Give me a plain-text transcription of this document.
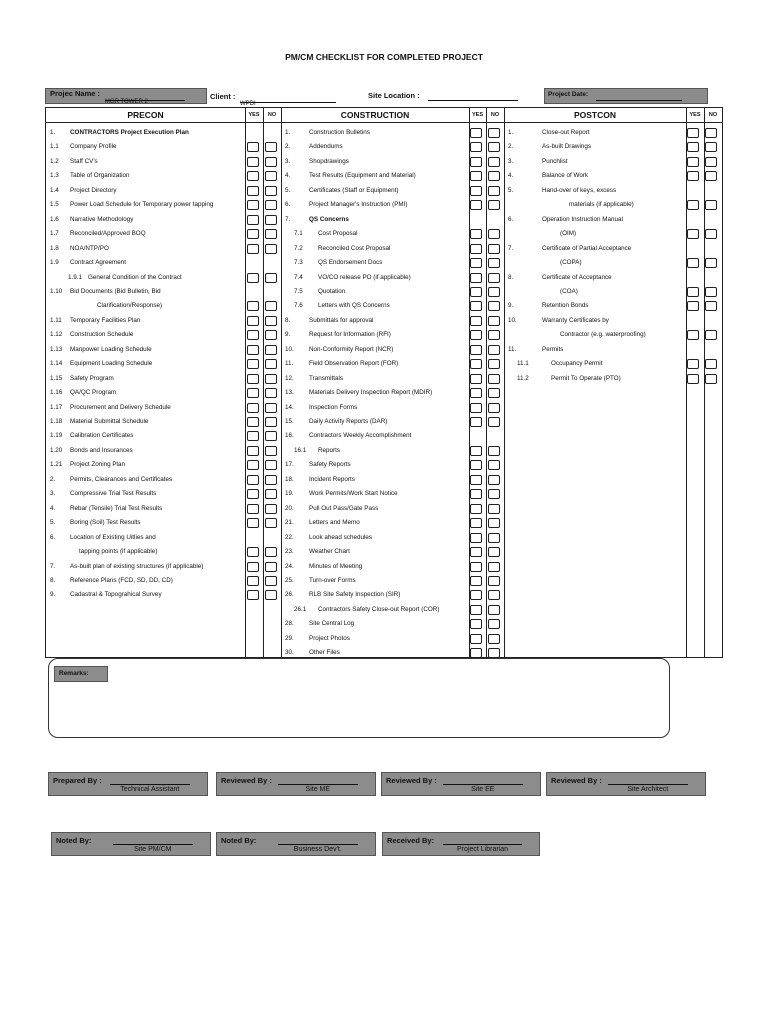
PM/CM CHECKLIST FOR COMPLETED PROJECT
Projec Name :
MGR TOWER 2
Client :
WPDI
Site Location :	Project Date:
PRECON	YES	NO	CONSTRUCTION	YES	NO	POSTCON	YES	NO
1. CONTRACTORS Project Execution Plan
1.1 Company Profile
1.2 Staff CV's
1.3 Table of Organization
1.4 Project Directory
1.5 Power Load Schedule for Temporary power tapping
1.6 Narrative Methodology
1.7 Reconciled/Approved BOQ
1.8 NOA/NTP/PO
1.9 Contract Agreement
1.9.1 General Condition of the Contract
1.10 Bid Documents (Bid Bulletin, Bid
Clarification/Response)
1.11 Temporary Facilities Plan
1.12 Construction Schedule
1.13 Manpower Loading Schedule
1.14 Equipment Loading Schedule
1.15 Safety Program
1.16 QA/QC Program
1.17 Procurement and Delivery Schedule
1.18 Material Submittal Schedule
1.19 Calibration Certificates
1.20 Bonds and Insurances
1.21 Project Zoning Plan
2. Permits, Clearances and Certificates
3. Compressive Trial Test Results
4. Rebar (Tensile) Trial Test Results
5. Boring (Soil) Test Results
6. Location of Existing Uitlies and
tapping points (if applicable)
7. As-built plan of existing structures (if applicable)
8. Reference Plans (FCD, SD, DD, CD)
9. Cadastral & Topograhical Survey
1.	Construction Bulletins
2.	Addendums
3.	Shopdrawings
4.	Test Results (Equipment and Material)
5.	Certificates (Staff or Equipment)
6.	Project Manager's Instruction (PMI)
7.	QS Concerns
7.1 Cost Proposal
7.2 Reconciled Cost Proposal
7.3 QS Endorsement Docs
7.4 VO/CO release PO (if applicable)
7.5 Quotation
7.6 Letters with QS Concerns
8.	Submittals for approval
9.	Request for Information (RFI)
10. Non-Conformity Report (NCR)
11. Field Observation Report (FOR)
12. Transmittals
13. Materials Delivery Inspection Report (MDIR)
14. Inspection Forms
15. Daily Activity Reports (DAR)
16. Contractors Weekly Accomplishment
16.1 Reports
17. Safety Reports
18. Incident Reports
19. Work Permits/Work Start Notice
20. Pull Out Pass/Gate Pass
21. Letters and Memo
22. Look ahead schedules
23. Weather Chart
24. Minutes of Meeting
25. Turn-over Forms
26. RLB Site Safety Inspection (SIR)
26.1 Contractors Safety Close-out Report (COR)
28. Site Central Log
29. Project Photos
30. Other Files
1.	Close-out Report
2.	As-built Drawings
3.	Punchlist
4.	Balance of Work
5.	Hand-over of keys, excess
materials (if applicable)
6.	Operation Instruction Manual
(OIM)
7.	Certificate of Partial Acceptance
(COPA)
8.	Certificate of Acceptance
(COA)
9.	Retention Bonds
10.	Warranty Certificates by
Contractor (e.g. waterproofing)
11.	Permits
11.1	Occupancy Permit
11.2	Permit To Operate (PTO)
Remarks:
Prepared By :
Technical Assistant
Reviewed By :
Site ME
Reviewed By :
Site EE
Reviewed By :
Site Architect
Noted By:
Site PM/CM
Noted By:
Business Dev't.
Received By:
Project Librarian
